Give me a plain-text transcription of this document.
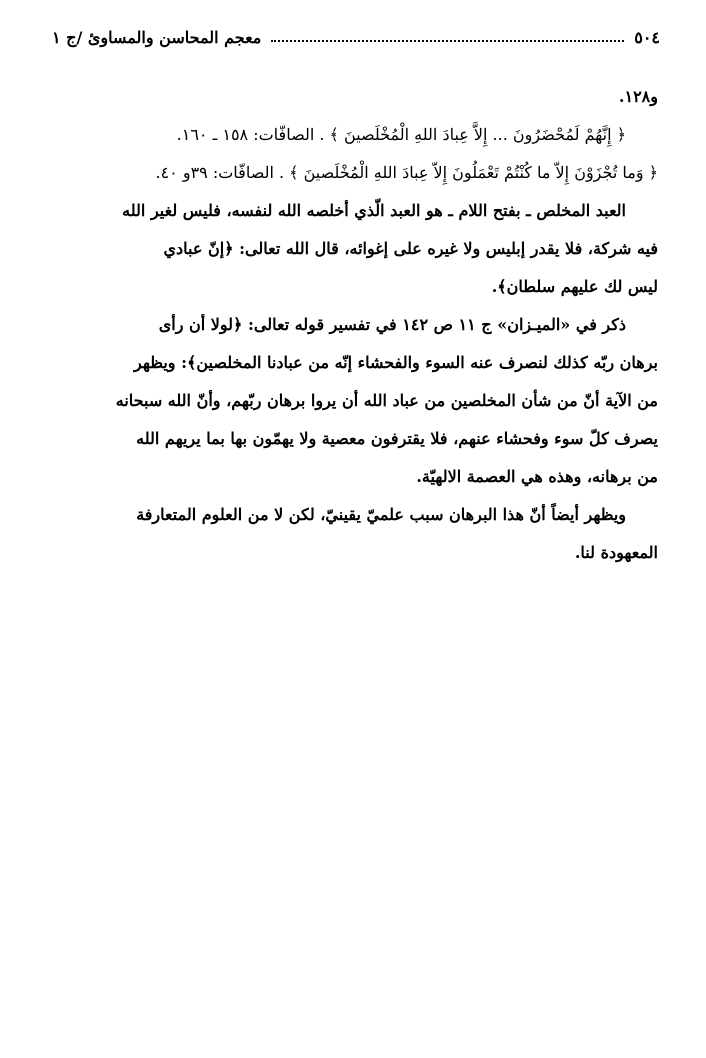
٥٠٤
معجم المحاسن والمساوئ /ج ١
و١٢٨.
﴿ إِنَّهُمْ لَمُحْضَرُونَ ... إِلاَّ عِبادَ اللهِ الْمُخْلَصينَ ﴾ . الصافّات: ١٥٨ ـ ١٦٠.
﴿ وَما تُجْزَوْنَ إِلاّ ما كُنْتُمْ تَعْمَلُونَ إِلاّ عِبادَ اللهِ الْمُخْلَصينَ ﴾ . الصافّات: ٣٩و ٤٠.
العبد المخلص ـ بفتح اللام ـ هو العبد الّذي أخلصه الله لنفسه، فليس لغير الله
فيه شركة، فلا يقدر إبليس ولا غيره على إغوائه، قال الله تعالى: ﴿إنّ عبادي
ليس لك عليهم سلطان﴾.
ذكر في «الميـزان» ج ١١ ص ١٤٢ في تفسير قوله تعالى: ﴿لولا أن رأى
برهان ربّه كذلك لنصرف عنه السوء والفحشاء إنّه من عبادنا المخلصين﴾: ويظهر
من الآية أنّ من شأن المخلصين من عباد الله أن يروا برهان ربّهم، وأنّ الله سبحانه
يصرف كلّ سوء وفحشاء عنهم، فلا يقترفون معصية ولا يهمّون بها بما يريهم الله
من برهانه، وهذه هي العصمة الالهيّة.
ويظهر أيضاً أنّ هذا البرهان سبب علميّ يقينيّ، لكن لا من العلوم المتعارفة
المعهودة لنا.
